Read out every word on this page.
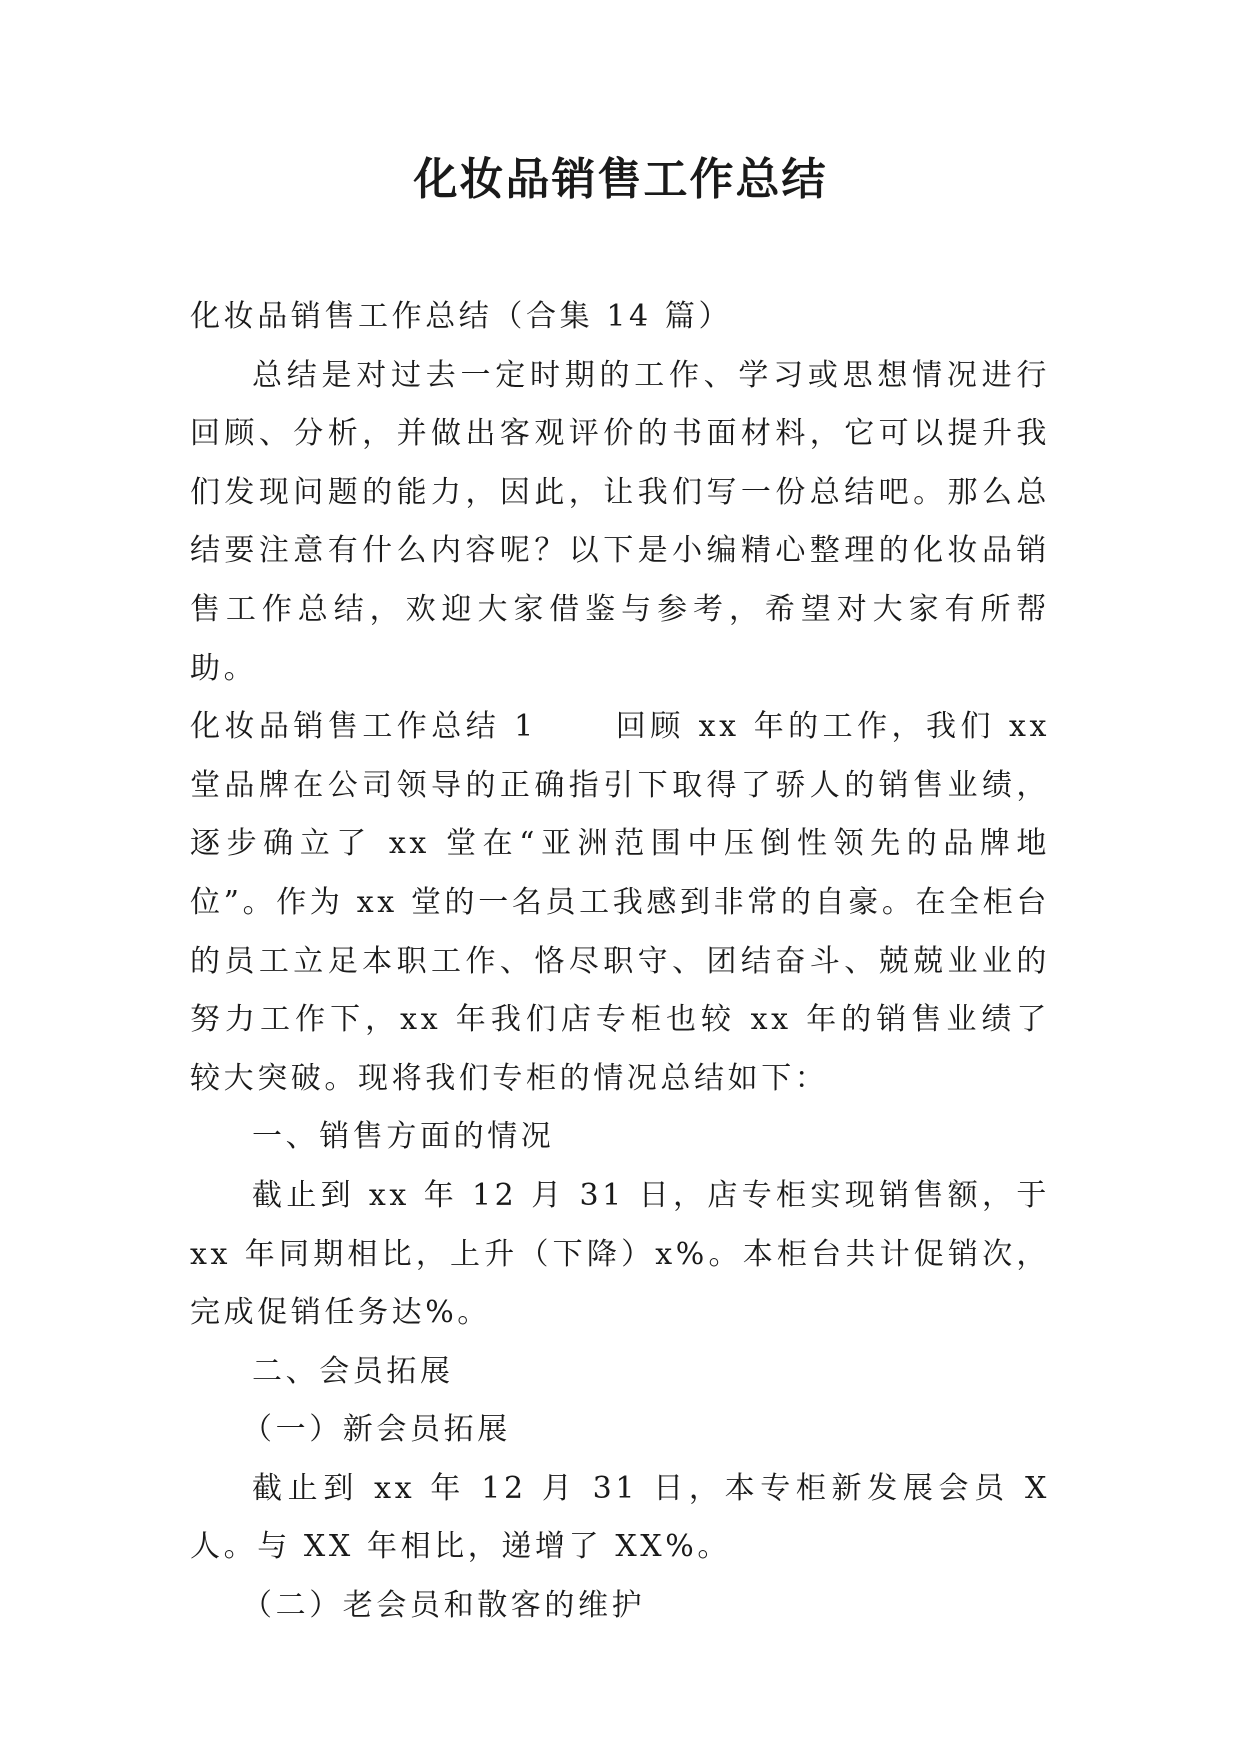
化妆品销售工作总结

化妆品销售工作总结（合集 14 篇）

总结是对过去一定时期的工作、学习或思想情况进行回顾、分析，并做出客观评价的书面材料，它可以提升我们发现问题的能力，因此，让我们写一份总结吧。那么总结要注意有什么内容呢？以下是小编精心整理的化妆品销售工作总结，欢迎大家借鉴与参考，希望对大家有所帮助。

化妆品销售工作总结 1	回顾 xx 年的工作，我们 xx 堂品牌在公司领导的正确指引下取得了骄人的销售业绩，逐步确立了 xx 堂在“亚洲范围中压倒性领先的品牌地位”。作为 xx 堂的一名员工我感到非常的自豪。在全柜台的员工立足本职工作、恪尽职守、团结奋斗、兢兢业业的努力工作下，xx 年我们店专柜也较 xx 年的销售业绩了较大突破。现将我们专柜的情况总结如下：

一、销售方面的情况

截止到 xx 年 12 月 31 日，店专柜实现销售额，于 xx 年同期相比，上升（下降）x%。本柜台共计促销次，完成促销任务达%。

二、会员拓展

（一）新会员拓展

截止到 xx 年 12 月 31 日，本专柜新发展会员 X 人。与 XX 年相比，递增了 XX%。

（二）老会员和散客的维护
